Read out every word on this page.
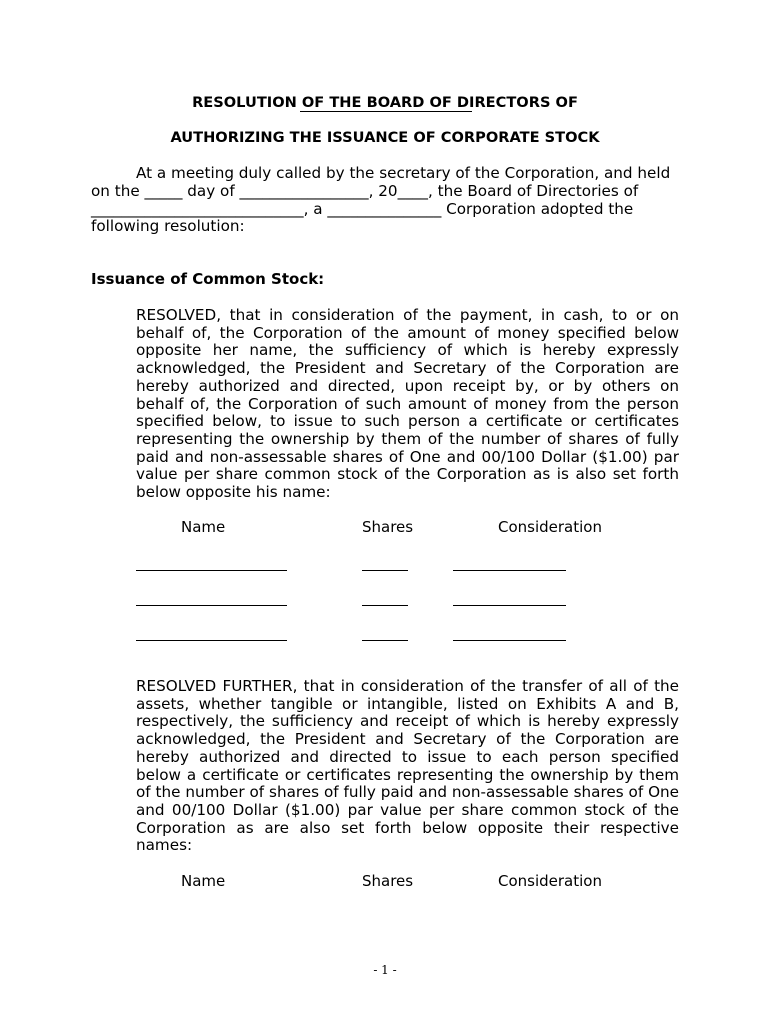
RESOLUTION OF THE BOARD OF DIRECTORS OF
AUTHORIZING THE ISSUANCE OF CORPORATE STOCK
At a meeting duly called by the secretary of the Corporation, and held
on the _____ day of _________________, 20____, the Board of Directories of
____________________________, a _______________ Corporation adopted the
following resolution:
Issuance of Common Stock:

RESOLVED, that in consideration of the payment, in cash, to or on behalf of, the Corporation of the amount of money specified below opposite her name, the sufficiency of which is hereby expressly acknowledged, the President and Secretary of the Corporation are hereby authorized and directed, upon receipt by, or by others on behalf of, the Corporation of such amount of money from the person specified below, to issue to such person a certificate or certificates representing the ownership by them of the number of shares of fully paid and non-assessable shares of One and 00/100 Dollar ($1.00) par value per share common stock of the Corporation as is also set forth below opposite his name:

Name	Shares	Consideration

RESOLVED FURTHER, that in consideration of the transfer of all of the assets, whether tangible or intangible, listed on Exhibits A and B, respectively, the sufficiency and receipt of which is hereby expressly acknowledged, the President and Secretary of the Corporation are hereby authorized and directed to issue to each person specified below a certificate or certificates representing the ownership by them of the number of shares of fully paid and non-assessable shares of One and 00/100 Dollar ($1.00) par value per share common stock of the Corporation as are also set forth below opposite their respective names:

Name	Shares	Consideration
- 1 -
